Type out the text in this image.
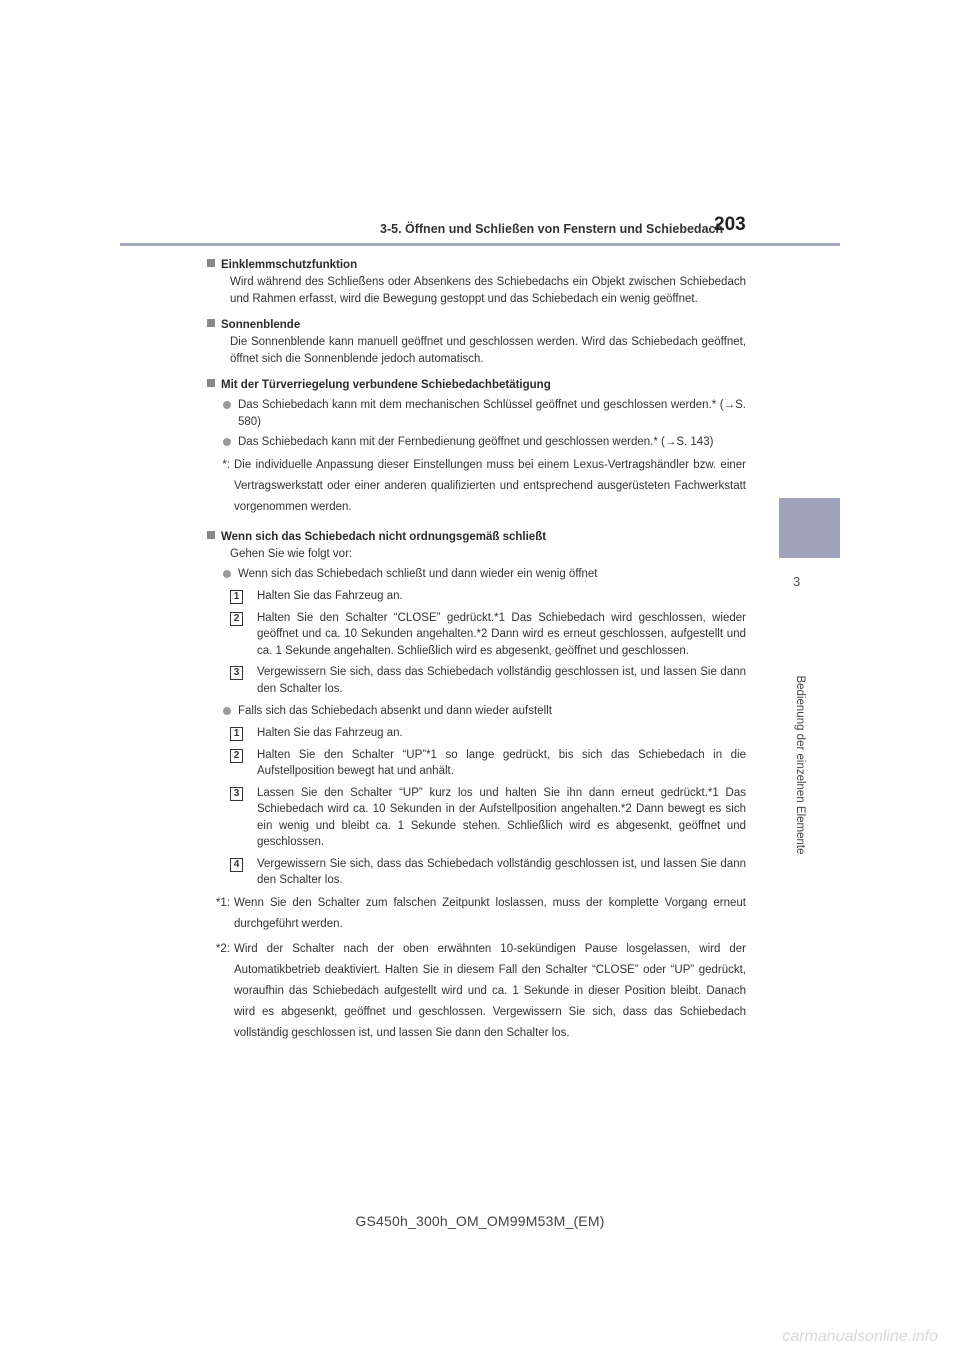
3-5. Öffnen und Schließen von Fenstern und Schiebedach
203
3
Bedienung der einzelnen Elemente
Einklemmschutzfunktion
Wird während des Schließens oder Absenkens des Schiebedachs ein Objekt zwischen Schiebedach und Rahmen erfasst, wird die Bewegung gestoppt und das Schiebedach ein wenig geöffnet.
Sonnenblende
Die Sonnenblende kann manuell geöffnet und geschlossen werden. Wird das Schiebedach geöffnet, öffnet sich die Sonnenblende jedoch automatisch.
Mit der Türverriegelung verbundene Schiebedachbetätigung
Das Schiebedach kann mit dem mechanischen Schlüssel geöffnet und geschlossen werden.* (→S. 580)
Das Schiebedach kann mit der Fernbedienung geöffnet und geschlossen werden.* (→S. 143)
*: Die individuelle Anpassung dieser Einstellungen muss bei einem Lexus-Vertragshändler bzw. einer Vertragswerkstatt oder einer anderen qualifizierten und entsprechend ausgerüsteten Fachwerkstatt vorgenommen werden.
Wenn sich das Schiebedach nicht ordnungsgemäß schließt
Gehen Sie wie folgt vor:
Wenn sich das Schiebedach schließt und dann wieder ein wenig öffnet
1	Halten Sie das Fahrzeug an.
2	Halten Sie den Schalter “CLOSE” gedrückt.*1 Das Schiebedach wird geschlossen, wieder geöffnet und ca. 10 Sekunden angehalten.*2 Dann wird es erneut geschlossen, aufgestellt und ca. 1 Sekunde angehalten. Schließlich wird es abgesenkt, geöffnet und geschlossen.
3	Vergewissern Sie sich, dass das Schiebedach vollständig geschlossen ist, und lassen Sie dann den Schalter los.
Falls sich das Schiebedach absenkt und dann wieder aufstellt
1	Halten Sie das Fahrzeug an.
2	Halten Sie den Schalter “UP”*1 so lange gedrückt, bis sich das Schiebedach in die Aufstellposition bewegt hat und anhält.
3	Lassen Sie den Schalter “UP” kurz los und halten Sie ihn dann erneut gedrückt.*1 Das Schiebedach wird ca. 10 Sekunden in der Aufstellposition angehalten.*2 Dann bewegt es sich ein wenig und bleibt ca. 1 Sekunde stehen. Schließlich wird es abgesenkt, geöffnet und geschlossen.
4	Vergewissern Sie sich, dass das Schiebedach vollständig geschlossen ist, und lassen Sie dann den Schalter los.
*1: Wenn Sie den Schalter zum falschen Zeitpunkt loslassen, muss der komplette Vorgang erneut durchgeführt werden.
*2: Wird der Schalter nach der oben erwähnten 10-sekündigen Pause losgelassen, wird der Automatikbetrieb deaktiviert. Halten Sie in diesem Fall den Schalter “CLOSE” oder “UP” gedrückt, woraufhin das Schiebedach aufgestellt wird und ca. 1 Sekunde in dieser Position bleibt. Danach wird es abgesenkt, geöffnet und geschlossen. Vergewissern Sie sich, dass das Schiebedach vollständig geschlossen ist, und lassen Sie dann den Schalter los.
GS450h_300h_OM_OM99M53M_(EM)
carmanualsonline.info
